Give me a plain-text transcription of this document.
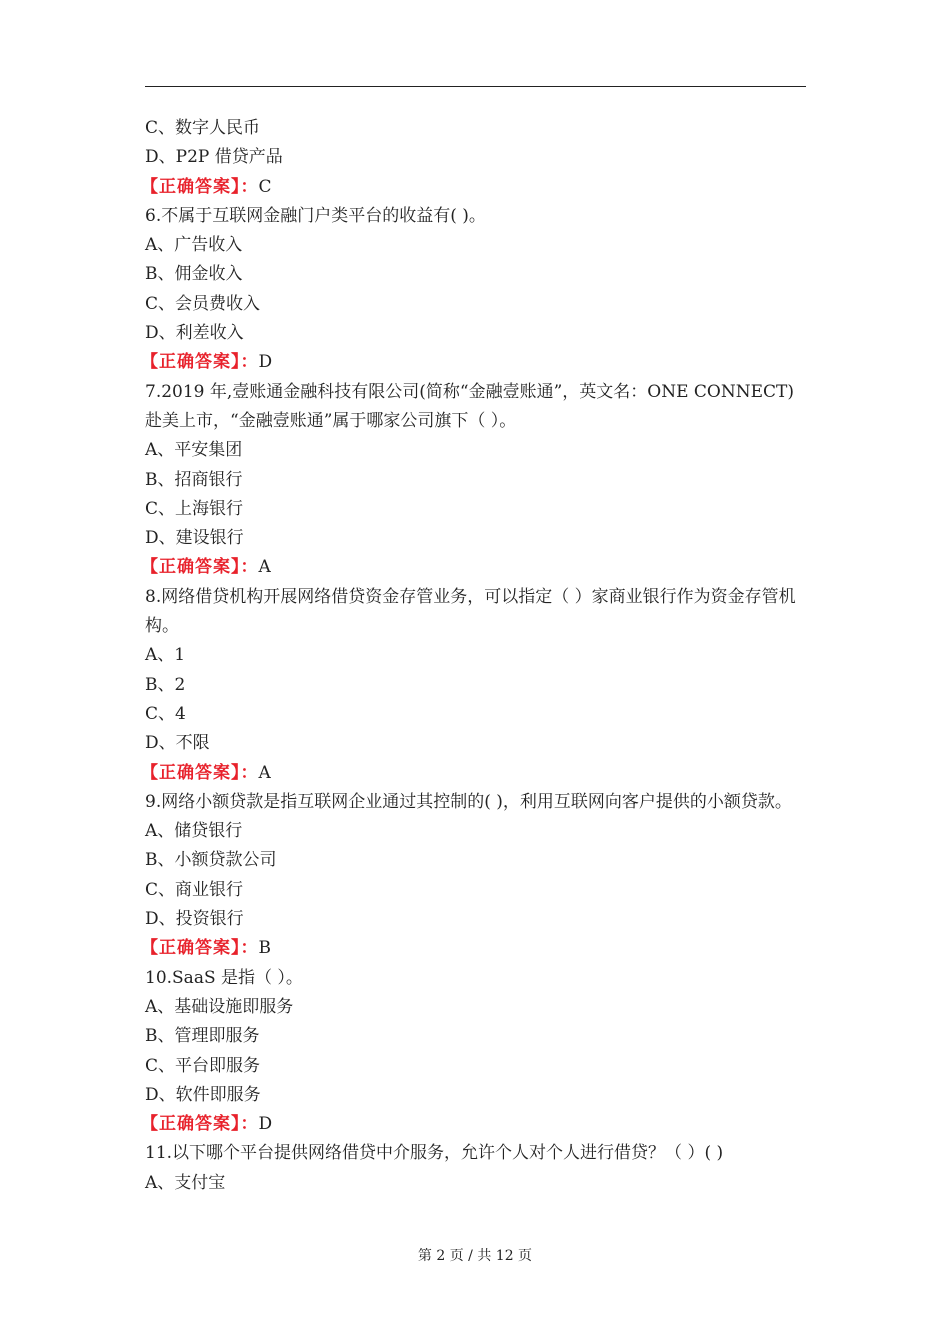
C、数字人民币
D、P2P 借贷产品
【正确答案】：C
6.不属于互联网金融门户类平台的收益有( )。
A、广告收入
B、佣金收入
C、会员费收入
D、利差收入
【正确答案】：D
7.2019 年,壹账通金融科技有限公司(简称“金融壹账通”，英文名：ONE CONNECT)赴美上市，“金融壹账通”属于哪家公司旗下（ ）。
A、平安集团
B、招商银行
C、上海银行
D、建设银行
【正确答案】：A
8.网络借贷机构开展网络借贷资金存管业务，可以指定（ ）家商业银行作为资金存管机构。
A、1
B、2
C、4
D、不限
【正确答案】：A
9.网络小额贷款是指互联网企业通过其控制的( )，利用互联网向客户提供的小额贷款。
A、储贷银行
B、小额贷款公司
C、商业银行
D、投资银行
【正确答案】：B
10.SaaS 是指（ ）。
A、基础设施即服务
B、管理即服务
C、平台即服务
D、软件即服务
【正确答案】：D
11.以下哪个平台提供网络借贷中介服务，允许个人对个人进行借贷？（ ）( )
A、支付宝
第 2 页 / 共 12 页
